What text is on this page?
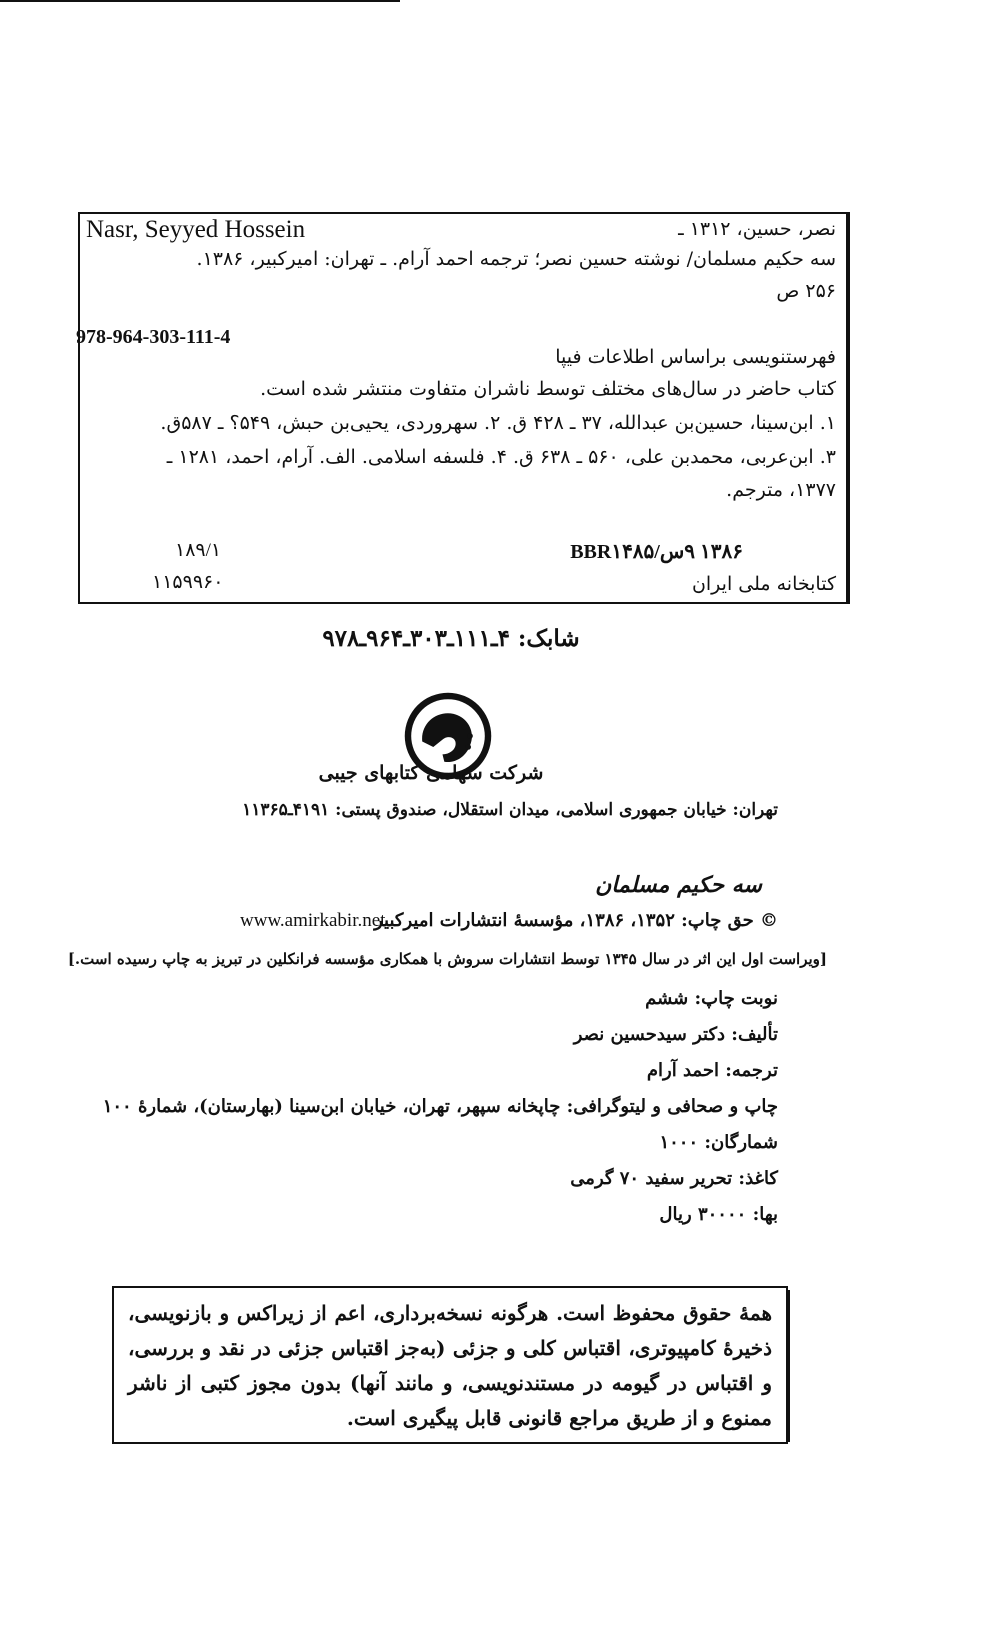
Nasr, Seyyed Hossein	نصر، حسین، ۱۳۱۲ ـ
سه حکیم مسلمان/ نوشته حسین نصر؛ ترجمه احمد آرام. ـ تهران: امیرکبیر، ۱۳۸۶.
۲۵۶ ص
978-964-303-111-4
فهرستنویسی براساس اطلاعات فیپا
کتاب حاضر در سال‌های مختلف توسط ناشران متفاوت منتشر شده است.
۱. ابن‌سینا، حسین‌بن عبدالله، ۳۷ ـ ۴۲۸ ق. ۲. سهروردی، یحیی‌بن حبش، ۵۴۹؟ ـ ۵۸۷ق.
۳. ابن‌عربی، محمدبن علی، ۵۶۰ ـ ۶۳۸ ق. ۴. فلسفه اسلامی. الف. آرام، احمد، ۱۲۸۱ ـ
۱۳۷۷، مترجم.
۱۳۸۶ ۹س/BBR۱۴۸۵
۱۸۹/۱
کتابخانه ملی ایران
۱۱۵۹۹۶۰
شابک: ۴ـ۱۱۱ـ۳۰۳ـ۹۶۴ـ۹۷۸
شرکت سهامی کتابهای جیبی
تهران: خیابان جمهوری اسلامی، میدان استقلال، صندوق پستی: ۴۱۹۱ـ۱۱۳۶۵
سه حکیم مسلمان
© حق چاپ: ۱۳۵۲، ۱۳۸۶، مؤسسهٔ انتشارات امیرکبیر
www.amirkabir.net
[ویراست اول این اثر در سال ۱۳۴۵ توسط انتشارات سروش با همکاری مؤسسه فرانکلین در تبریز به چاپ رسیده است.]
نوبت چاپ: ششم
تألیف: دکتر سیدحسین نصر
ترجمه: احمد آرام
چاپ و صحافی و لیتوگرافی: چاپخانه سپهر، تهران، خیابان ابن‌سینا (بهارستان)، شمارهٔ ۱۰۰
شمارگان: ۱۰۰۰
کاغذ: تحریر سفید ۷۰ گرمی
بها: ۳۰۰۰۰ ریال

همهٔ حقوق محفوظ است. هرگونه نسخه‌برداری، اعم از زیراکس و بازنویسی، ذخیرهٔ کامپیوتری، اقتباس کلی و جزئی (به‌جز اقتباس جزئی در نقد و بررسی، و اقتباس در گیومه در مستندنویسی، و مانند آنها) بدون مجوز کتبی از ناشر ممنوع و از طریق مراجع قانونی قابل پیگیری است.
